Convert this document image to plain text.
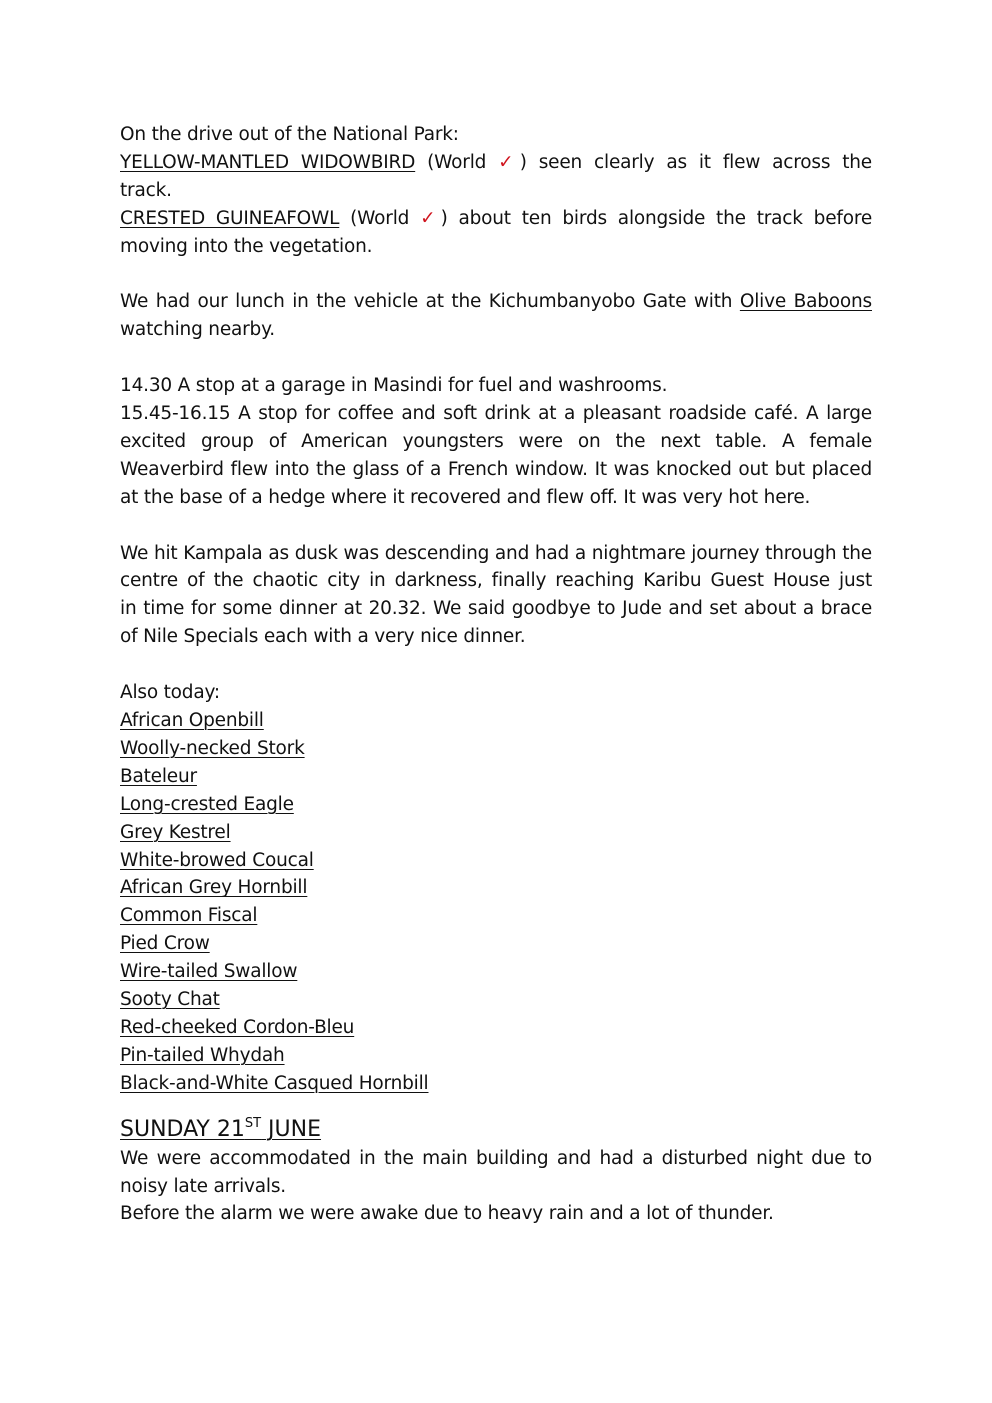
On the drive out of the National Park:
YELLOW-MANTLED WIDOWBIRD (World ✓) seen clearly as it flew across the
track.
CRESTED GUINEAFOWL (World ✓) about ten birds alongside the track before
moving into the vegetation.
We had our lunch in the vehicle at the Kichumbanyobo Gate with Olive Baboons
watching nearby.
14.30 A stop at a garage in Masindi for fuel and washrooms.
15.45-16.15 A stop for coffee and soft drink at a pleasant roadside café. A large
excited group of American youngsters were on the next table. A female
Weaverbird flew into the glass of a French window. It was knocked out but placed
at the base of a hedge where it recovered and flew off. It was very hot here.
We hit Kampala as dusk was descending and had a nightmare journey through the
centre of the chaotic city in darkness, finally reaching Karibu Guest House just
in time for some dinner at 20.32. We said goodbye to Jude and set about a brace
of Nile Specials each with a very nice dinner.
Also today:
African Openbill
Woolly-necked Stork
Bateleur
Long-crested Eagle
Grey Kestrel
White-browed Coucal
African Grey Hornbill
Common Fiscal
Pied Crow
Wire-tailed Swallow
Sooty Chat
Red-cheeked Cordon-Bleu
Pin-tailed Whydah
Black-and-White Casqued Hornbill
SUNDAY 21ST JUNE
We were accommodated in the main building and had a disturbed night due to
noisy late arrivals.
Before the alarm we were awake due to heavy rain and a lot of thunder.
